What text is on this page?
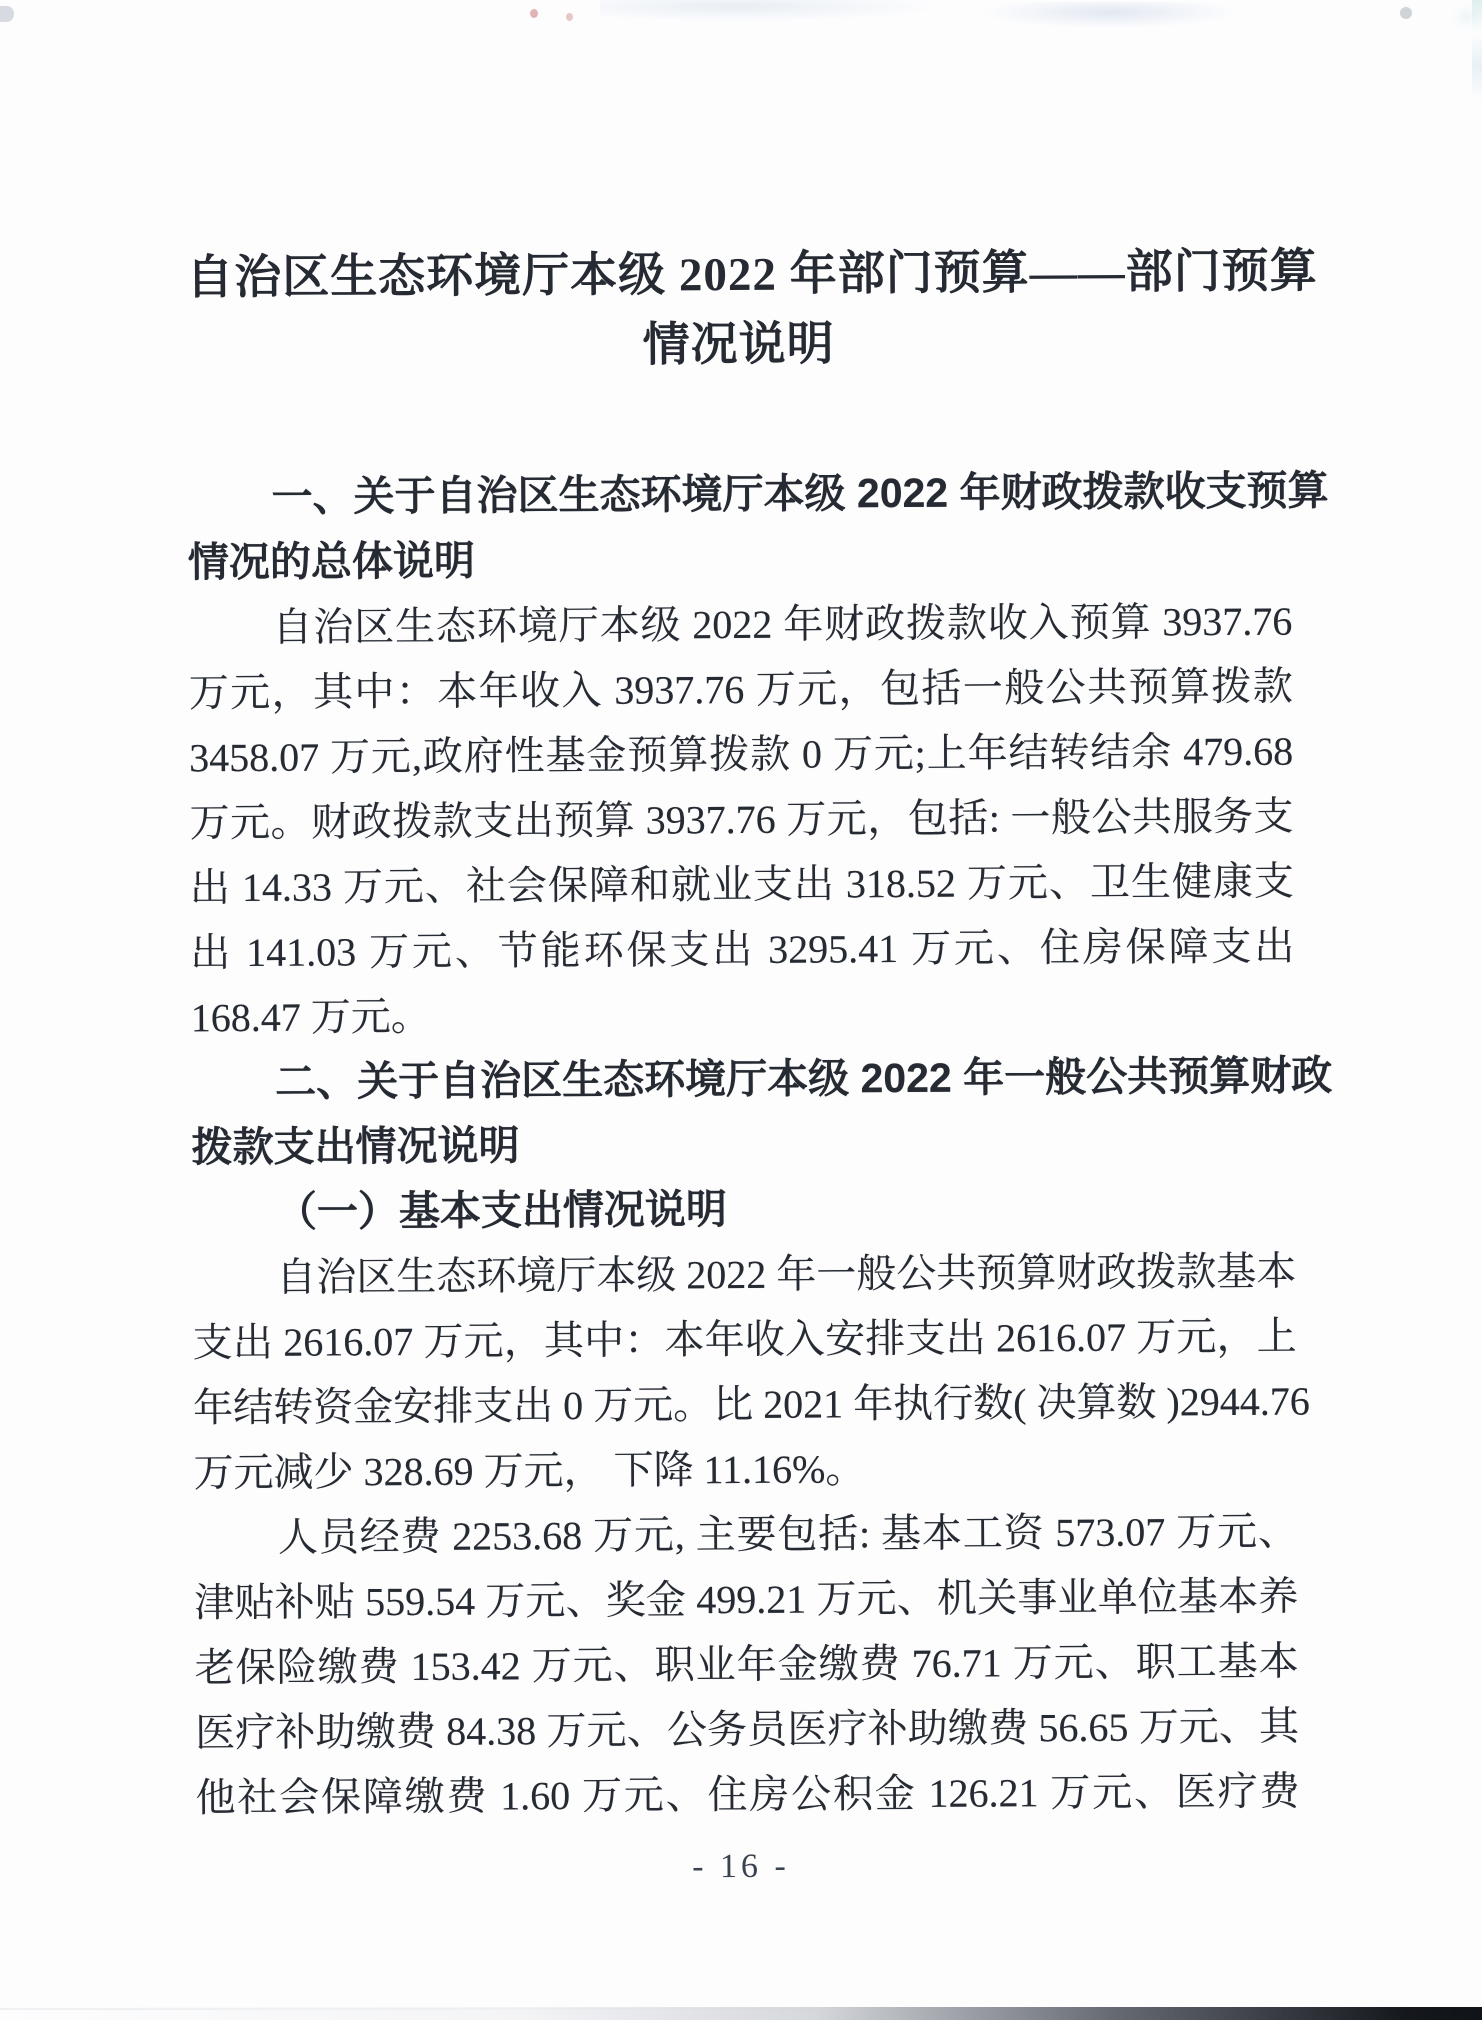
自治区生态环境厅本级 2022 年部门预算——部门预算
情况说明
一、关于自治区生态环境厅本级 2022 年财政拨款收支预算
情况的总体说明
自治区生态环境厅本级 2022 年财政拨款收入预算 3937.76
万元，其中：本年收入 3937.76 万元，包括一般公共预算拨款
3458.07 万元,政府性基金预算拨款 0 万元;上年结转结余 479.68
万元。财政拨款支出预算 3937.76 万元，包括: 一般公共服务支
出 14.33 万元、社会保障和就业支出 318.52 万元、卫生健康支
出 141.03 万元、节能环保支出 3295.41 万元、住房保障支出
168.47 万元。
二、关于自治区生态环境厅本级 2022 年一般公共预算财政
拨款支出情况说明
（一）基本支出情况说明
自治区生态环境厅本级 2022 年一般公共预算财政拨款基本
支出 2616.07 万元，其中：本年收入安排支出 2616.07 万元，上
年结转资金安排支出 0 万元。比 2021 年执行数( 决算数 )2944.76
万元减少 328.69 万元， 下降 11.16%。
人员经费 2253.68 万元, 主要包括: 基本工资 573.07 万元、
津贴补贴 559.54 万元、奖金 499.21 万元、机关事业单位基本养
老保险缴费 153.42 万元、职业年金缴费 76.71 万元、职工基本
医疗补助缴费 84.38 万元、公务员医疗补助缴费 56.65 万元、其
他社会保障缴费 1.60 万元、住房公积金 126.21 万元、医疗费
- 16 -
